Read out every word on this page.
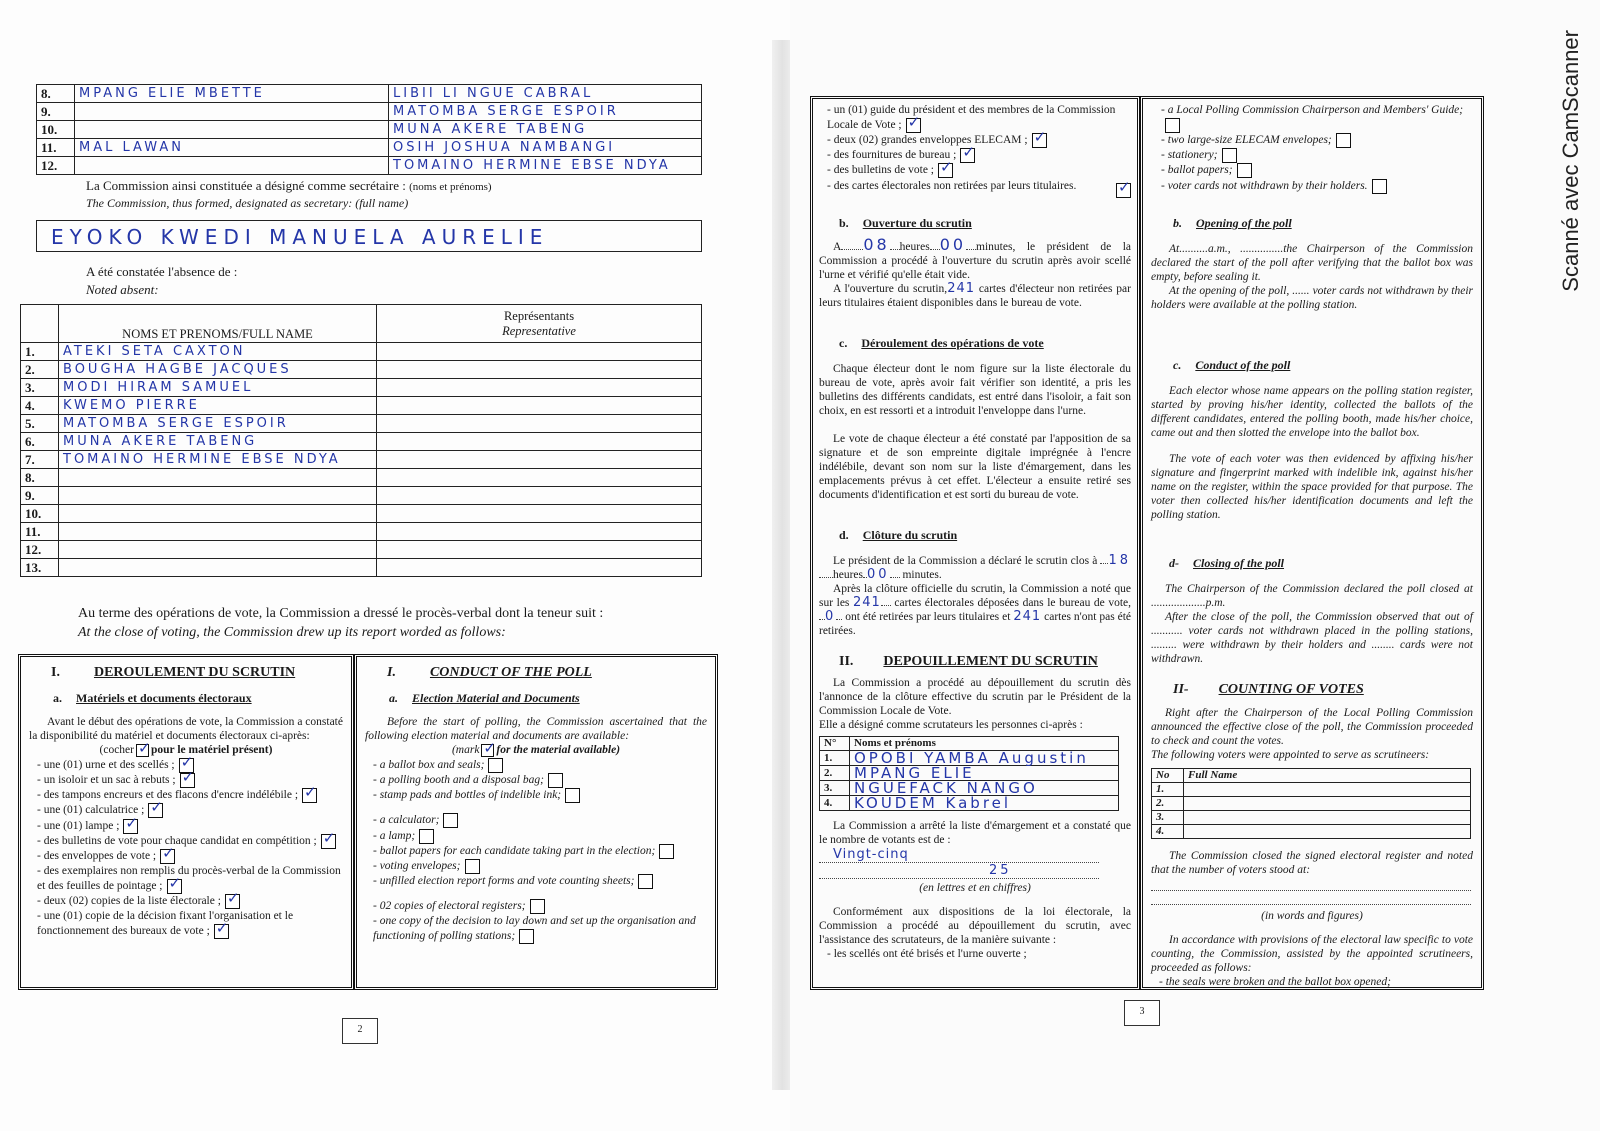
8.	MPANG ELIE MBETTE	LIBII LI NGUE CABRAL
9.		MATOMBA SERGE ESPOIR
10.		MUNA AKERE TABENG
11.	MAL LAWAN	OSIH JOSHUA NAMBANGI
12.		TOMAINO HERMINE EBSE NDYA
La Commission ainsi constituée a désigné comme secrétaire : (noms et prénoms)
The Commission, thus formed, designated as secretary: (full name)
EYOKO KWEDI MANUELA AURELIE
A été constatée l'absence de :
Noted absent:
	NOMS ET PRENOMS/FULL NAME	Représentants
Representative

1.	ATEKI SETA CAXTON	
2.	BOUGHA HAGBE JACQUES	
3.	MODI HIRAM SAMUEL	
4.	KWEMO PIERRE	
5.	MATOMBA SERGE ESPOIR	
6.	MUNA AKERE TABENG	
7.	TOMAINO HERMINE EBSE NDYA	
8.		
9.		
10.		
11.		
12.		
13.		
Au terme des opérations de vote, la Commission a dressé le procès-verbal dont la teneur suit :
At the close of voting, the Commission drew up its report worded as follows:
I. DEROULEMENT DU SCRUTIN
a. Matériels et documents électoraux
Avant le début des opérations de vote, la Commission a constaté la disponibilité du matériel et documents électoraux ci-après:
(cocher ✓ pour le matériel présent)
- une (01) urne et des scellés ;✓
- un isoloir et un sac à rebuts ;✓
- des tampons encreurs et des flacons d'encre indélébile ;✓
- une (01) calculatrice ;✓
- une (01) lampe ;✓
- des bulletins de vote pour chaque candidat en compétition ;✓
- des enveloppes de vote ;✓
- des exemplaires non remplis du procès-verbal de la Commission et des feuilles de pointage ;✓
- deux (02) copies de la liste électorale ;✓
- une (01) copie de la décision fixant l'organisation et le fonctionnement des bureaux de vote ;✓
I. CONDUCT OF THE POLL
a. Election Material and Documents
Before the start of polling, the Commission ascertained that the following election material and documents are available:
(mark ✓ for the material available)
- a ballot box and seals;
- a polling booth and a disposal bag;
- stamp pads and bottles of indelible ink;
- a calculator;
- a lamp;
- ballot papers for each candidate taking part in the election;
- voting envelopes;
- unfilled election report forms and vote counting sheets;
- 02 copies of electoral registers;
- one copy of the decision to lay down and set up the organisation and functioning of polling stations;
2
- un (01) guide du président et des membres de la Commission Locale de Vote ;✓
- deux (02) grandes enveloppes ELECAM ;✓
- des fournitures de bureau ;✓
- des bulletins de vote ;✓
- des cartes électorales non retirées par leurs titulaires.
✓
b. Ouverture du scrutin
A 08 heures 00 minutes, le président de la Commission a procédé à l'ouverture du scrutin après avoir scellé l'urne et vérifié qu'elle était vide.
A l'ouverture du scrutin,241 cartes d'électeur non retirées par leurs titulaires étaient disponibles dans le bureau de vote.
c. Déroulement des opérations de vote
Chaque électeur dont le nom figure sur la liste électorale du bureau de vote, après avoir fait vérifier son identité, a pris les bulletins des différents candidats, est entré dans l'isoloir, a fait son choix, en est ressorti et a introduit l'enveloppe dans l'urne.
Le vote de chaque électeur a été constaté par l'apposition de sa signature et de son empreinte digitale imprégnée à l'encre indélébile, devant son nom sur la liste d'émargement, dans les emplacements prévus à cet effet. L'électeur a ensuite retiré ses documents d'identification et est sorti du bureau de vote.
d. Clôture du scrutin
Le président de la Commission a déclaré le scrutin clos à 18heures 00 minutes.
Après la clôture officielle du scrutin, la Commission a noté que sur les 241 cartes électorales déposées dans le bureau de vote, 0 ont été retirées par leurs titulaires et 241 cartes n'ont pas été retirées.
II. DEPOUILLEMENT DU SCRUTIN
La Commission a procédé au dépouillement du scrutin dès l'annonce de la clôture effective du scrutin par le Président de la Commission Locale de Vote.
Elle a désigné comme scrutateurs les personnes ci-après :
N°	Noms et prénoms
1.	OPOBI YAMBA Augustin
2.	MPANG ELIE
3.	NGUEFACK NANGO
4.	KOUDEM Kabrel
La Commission a arrêté la liste d'émargement et a constaté que le nombre de votants est de :
Vingt-cinq
25
(en lettres et en chiffres)
Conformément aux dispositions de la loi électorale, la Commission a procédé au dépouillement du scrutin, avec l'assistance des scrutateurs, de la manière suivante :
- les scellés ont été brisés et l'urne ouverte ;
- a Local Polling Commission Chairperson and Members' Guide;
- two large-size ELECAM envelopes;
- stationery;
- ballot papers;
- voter cards not withdrawn by their holders.
b. Opening of the poll
At..........a.m., ...............the Chairperson of the Commission declared the start of the poll after verifying that the ballot box was empty, before sealing it.
At the opening of the poll, ...... voter cards not withdrawn by their holders were available at the polling station.
c. Conduct of the poll
Each elector whose name appears on the polling station register, started by proving his/her identity, collected the ballots of the different candidates, entered the polling booth, made his/her choice, came out and then slotted the envelope into the ballot box.
The vote of each voter was then evidenced by affixing his/her signature and fingerprint marked with indelible ink, against his/her name on the register, within the space provided for that purpose. The voter then collected his/her identification documents and left the polling station.
d- Closing of the poll
The Chairperson of the Commission declared the poll closed at ...................p.m.
After the close of the poll, the Commission observed that out of ........... voter cards not withdrawn placed in the polling stations, ......... were withdrawn by their holders and ........ cards were not withdrawn.
II- COUNTING OF VOTES
Right after the Chairperson of the Local Polling Commission announced the effective close of the poll, the Commission proceeded to check and count the votes.
The following voters were appointed to serve as scrutineers:
No	Full Name
1.	
2.	
3.	
4.	
The Commission closed the signed electoral register and noted that the number of voters stood at:
(in words and figures)
In accordance with provisions of the electoral law specific to vote counting, the Commission, assisted by the appointed scrutineers, proceeded as follows:
- the seals were broken and the ballot box opened;
3
Scanné avec CamScanner
